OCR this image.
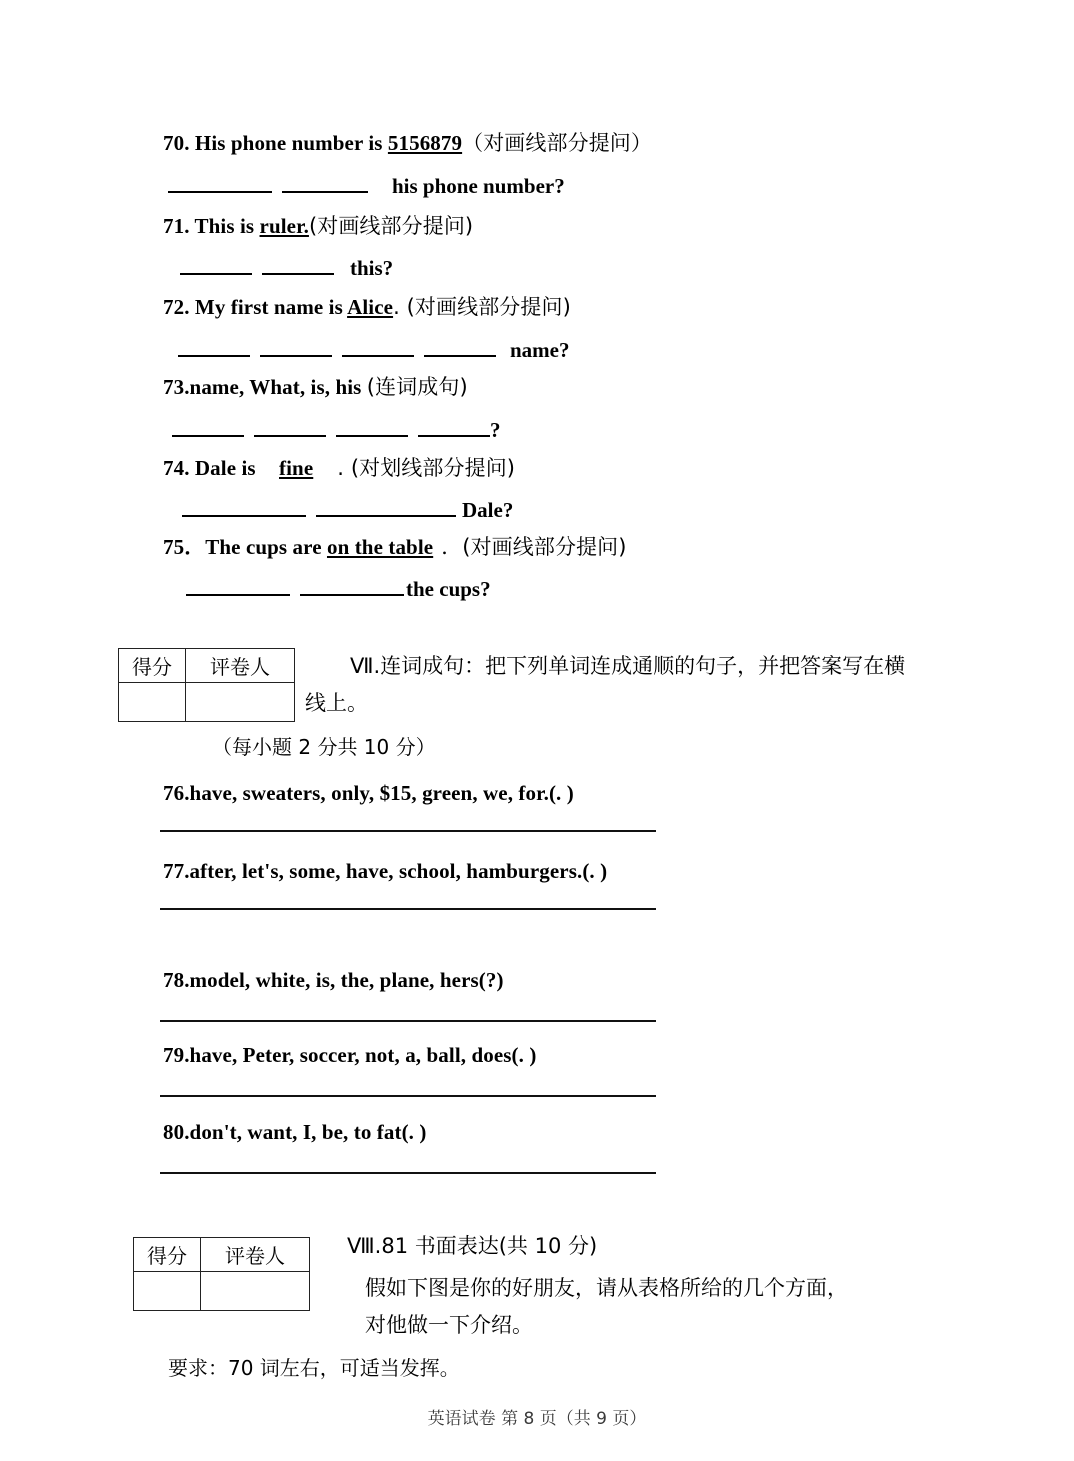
70. His phone number is 5156879（对画线部分提问）
his phone number?
71. This is ruler.(对画线部分提问)
this?
72. My first name is Alice. (对画线部分提问)
name?
73.name, What, is, his (连词成句)
?
74. Dale is fine . (对划线部分提问)
Dale?
75．The cups are on the table ．(对画线部分提问)
the cups?
得分	评卷人
		Ⅶ.连词成句：把下列单词连成通顺的句子，并把答案写在横
线上。
（每小题 2 分共 10 分）
76.have, sweaters, only, $15, green, we, for.(. )
77.after, let's, some, have, school, hamburgers.(. )
78.model, white, is, the, plane, hers(?)
79.have, Peter, soccer, not, a, ball, does(. )
80.don't, want, I, be, to fat(. )
得分	评卷人
		Ⅷ.81 书面表达(共 10 分)
假如下图是你的好朋友，请从表格所给的几个方面，
对他做一下介绍。
要求：70 词左右，可适当发挥。
英语试卷 第 8 页（共 9 页）
